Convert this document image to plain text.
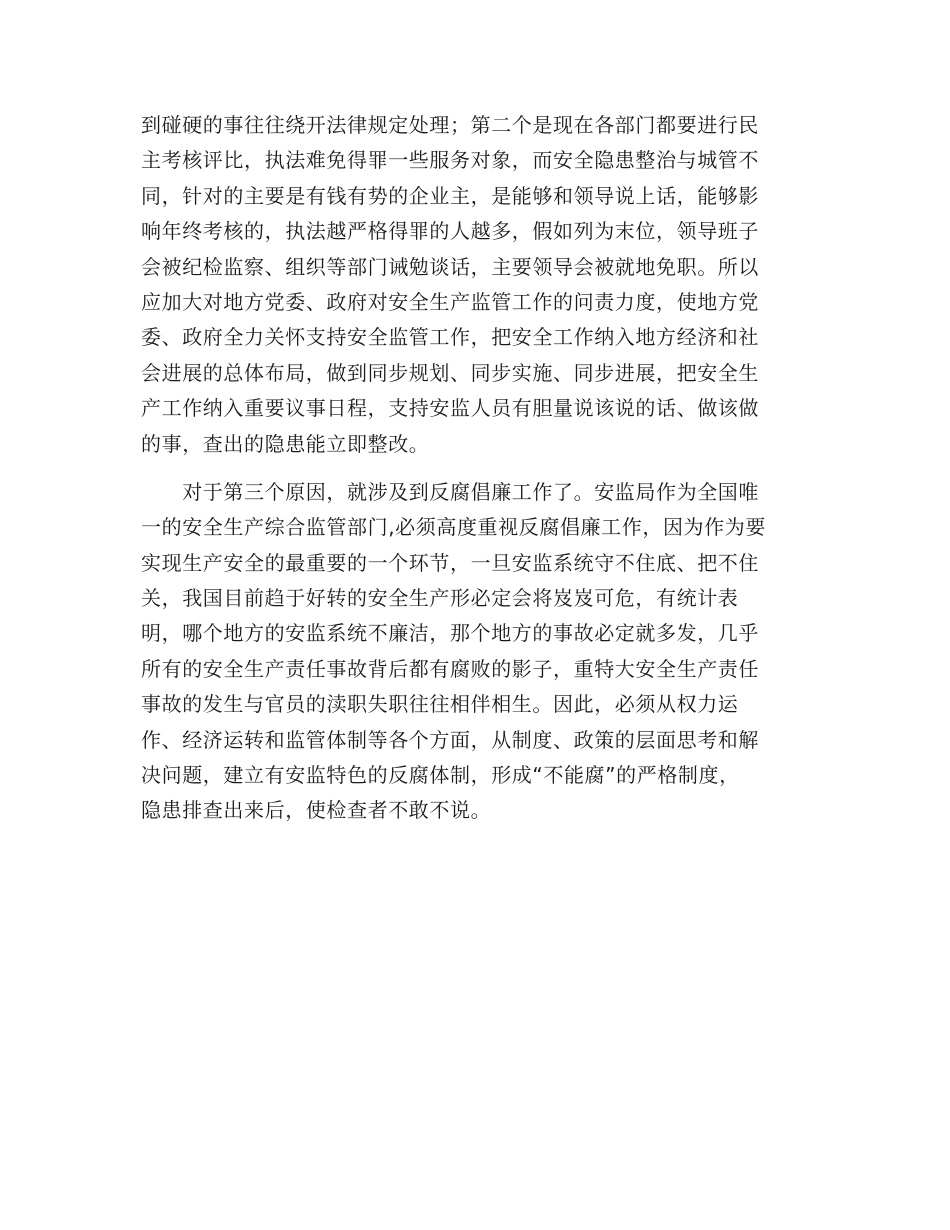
到碰硬的事往往绕开法律规定处理；第二个是现在各部门都要进行民
主考核评比，执法难免得罪一些服务对象，而安全隐患整治与城管不
同，针对的主要是有钱有势的企业主，是能够和领导说上话，能够影
响年终考核的，执法越严格得罪的人越多，假如列为末位，领导班子
会被纪检监察、组织等部门诫勉谈话，主要领导会被就地免职。所以
应加大对地方党委、政府对安全生产监管工作的问责力度，使地方党
委、政府全力关怀支持安全监管工作，把安全工作纳入地方经济和社
会进展的总体布局，做到同步规划、同步实施、同步进展，把安全生
产工作纳入重要议事日程，支持安监人员有胆量说该说的话、做该做
的事，查出的隐患能立即整改。
　　对于第三个原因，就涉及到反腐倡廉工作了。安监局作为全国唯
一的安全生产综合监管部门,必须高度重视反腐倡廉工作，因为作为要
实现生产安全的最重要的一个环节，一旦安监系统守不住底、把不住
关，我国目前趋于好转的安全生产形必定会将岌岌可危，有统计表
明，哪个地方的安监系统不廉洁，那个地方的事故必定就多发，几乎
所有的安全生产责任事故背后都有腐败的影子，重特大安全生产责任
事故的发生与官员的渎职失职往往相伴相生。因此，必须从权力运
作、经济运转和监管体制等各个方面，从制度、政策的层面思考和解
决问题，建立有安监特色的反腐体制，形成“不能腐”的严格制度，
隐患排查出来后，使检查者不敢不说。
